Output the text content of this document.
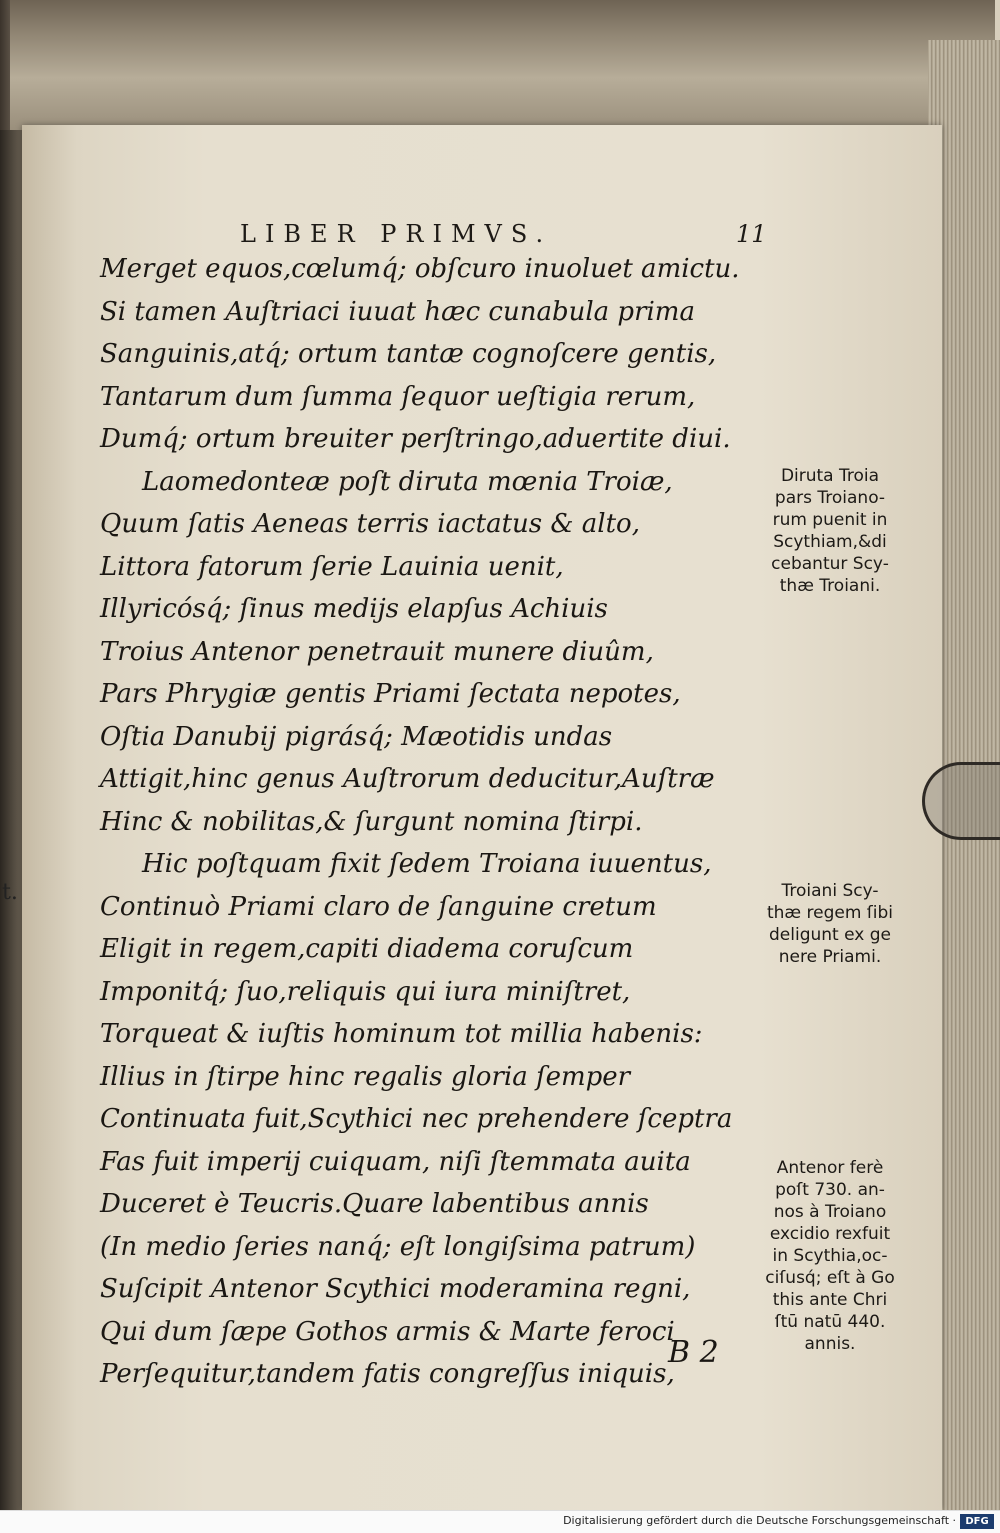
t.
LIBER PRIMVS.	11
Merget equos,cœlumq́; obſcuro inuoluet amictu.
Si tamen Auſtriaci iuuat hæc cunabula prima
Sanguinis,atq́; ortum tantæ cognoſcere gentis,
Tantarum dum ſumma ſequor ueſtigia rerum,
Dumq́; ortum breuiter perſtringo,aduertite diui.
Laomedonteæ poſt diruta mœnia Troiæ,
Quum ſatis Aeneas terris iactatus & alto,
Littora fatorum ſerie Lauinia uenit,
Illyricósq́; ſinus medijs elapſus Achiuis
Troius Antenor penetrauit munere diuûm,
Pars Phrygiæ gentis Priami ſectata nepotes,
Oſtia Danubij pigrásq́; Mæotidis undas
Attigit,hinc genus Auſtrorum deducitur,Auſtræ
Hinc & nobilitas,& ſurgunt nomina ſtirpi.
Hic poſtquam fixit ſedem Troiana iuuentus,
Continuò Priami claro de ſanguine cretum
Eligit in regem,capiti diadema coruſcum
Imponitq́; ſuo,reliquis qui iura miniſtret,
Torqueat & iuſtis hominum tot millia habenis:
Illius in ſtirpe hinc regalis gloria ſemper
Continuata fuit,Scythici nec prehendere ſceptra
Fas fuit imperij cuiquam, niſi ſtemmata auita
Duceret è Teucris.Quare labentibus annis
(In medio ſeries nanq́; eſt longiſsima patrum)
Suſcipit Antenor Scythici moderamina regni,
Qui dum ſæpe Gothos armis & Marte feroci
Perſequitur,tandem fatis congreſſus iniquis,
Diruta Troia
pars Troiano-
rum puenit in
Scythiam,&di
cebantur Scy-
thæ Troiani.
Troiani Scy-
thæ regem ſibi
deligunt ex ge
nere Priami.
Antenor ferè
poſt 730. an-
nos à Troiano
excidio rexfuit
in Scythia,oc-
ciſusq́; eſt à Go
this ante Chri
ſtū natū 440.
annis.
B 2
Digitalisierung gefördert durch die Deutsche Forschungsgemeinschaft · DFG
